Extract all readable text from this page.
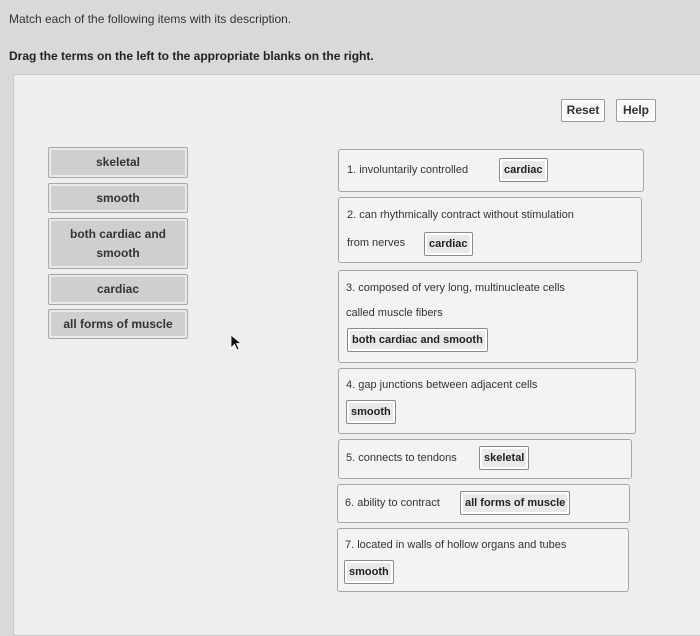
Match each of the following items with its description.
Drag the terms on the left to the appropriate blanks on the right.
Reset	Help
skeletal
smooth
both cardiac and
smooth
cardiac
all forms of muscle
1. involuntarily controlled	cardiac
2. can rhythmically contract without stimulation
from nerves	cardiac
3. composed of very long, multinucleate cells
called muscle fibers
both cardiac and smooth
4. gap junctions between adjacent cells
smooth
5. connects to tendons	skeletal
6. ability to contract	all forms of muscle
7. located in walls of hollow organs and tubes
smooth
